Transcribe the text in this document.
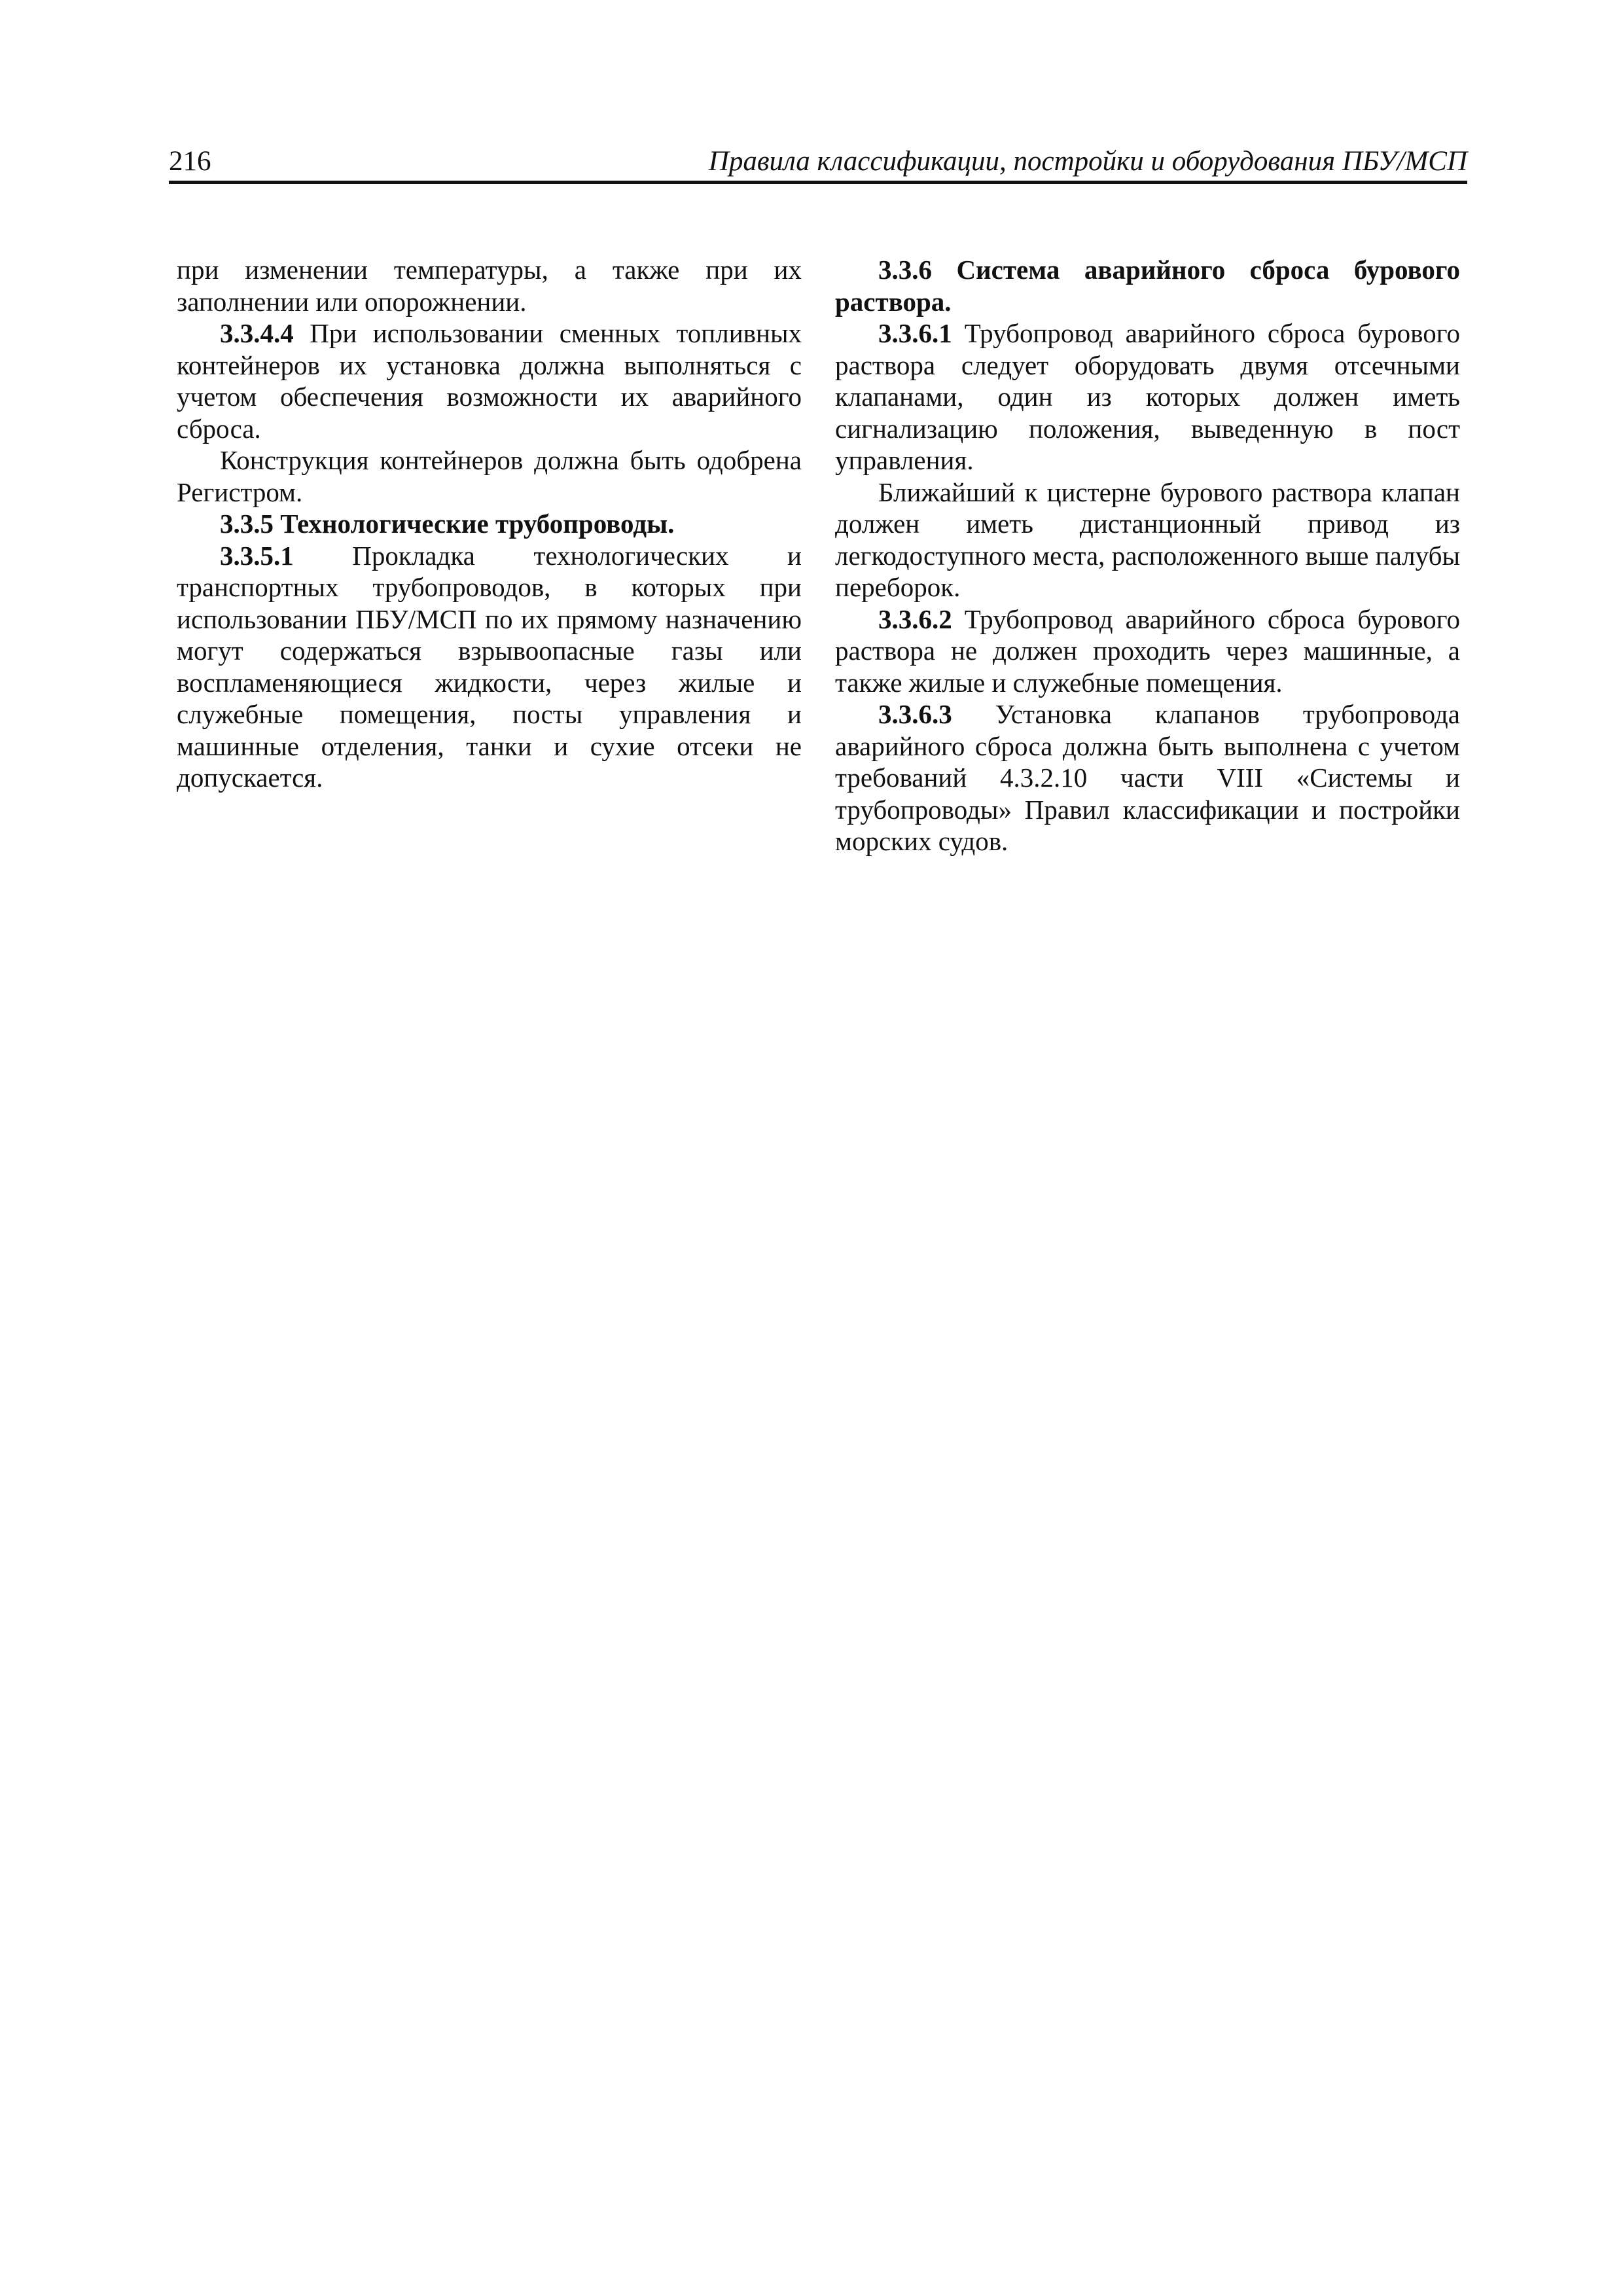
216	Правила классификации, постройки и оборудования ПБУ/МСП

при изменении температуры, а также при их заполнении или опорожнении.

3.3.4.4 При использовании сменных топливных контейнеров их установка должна выполняться с учетом обеспечения возможности их аварийного сброса.

Конструкция контейнеров должна быть одобрена Регистром.

3.3.5 Технологические трубопроводы.

3.3.5.1 Прокладка технологических и транспортных трубопроводов, в которых при использовании ПБУ/МСП по их прямому назначению могут содержаться взрывоопасные газы или воспламеняющиеся жидкости, через жилые и служебные помещения, посты управления и машинные отделения, танки и сухие отсеки не допускается.

3.3.6 Система аварийного сброса бурового раствора.

3.3.6.1 Трубопровод аварийного сброса бурового раствора следует оборудовать двумя отсечными клапанами, один из которых должен иметь сигнализацию положения, выведенную в пост управления.

Ближайший к цистерне бурового раствора клапан должен иметь дистанционный привод из легкодоступного места, расположенного выше палубы переборок.

3.3.6.2 Трубопровод аварийного сброса бурового раствора не должен проходить через машинные, а также жилые и служебные помещения.

3.3.6.3 Установка клапанов трубопровода аварийного сброса должна быть выполнена с учетом требований 4.3.2.10 части VIII «Системы и трубопроводы» Правил классификации и постройки морских судов.
